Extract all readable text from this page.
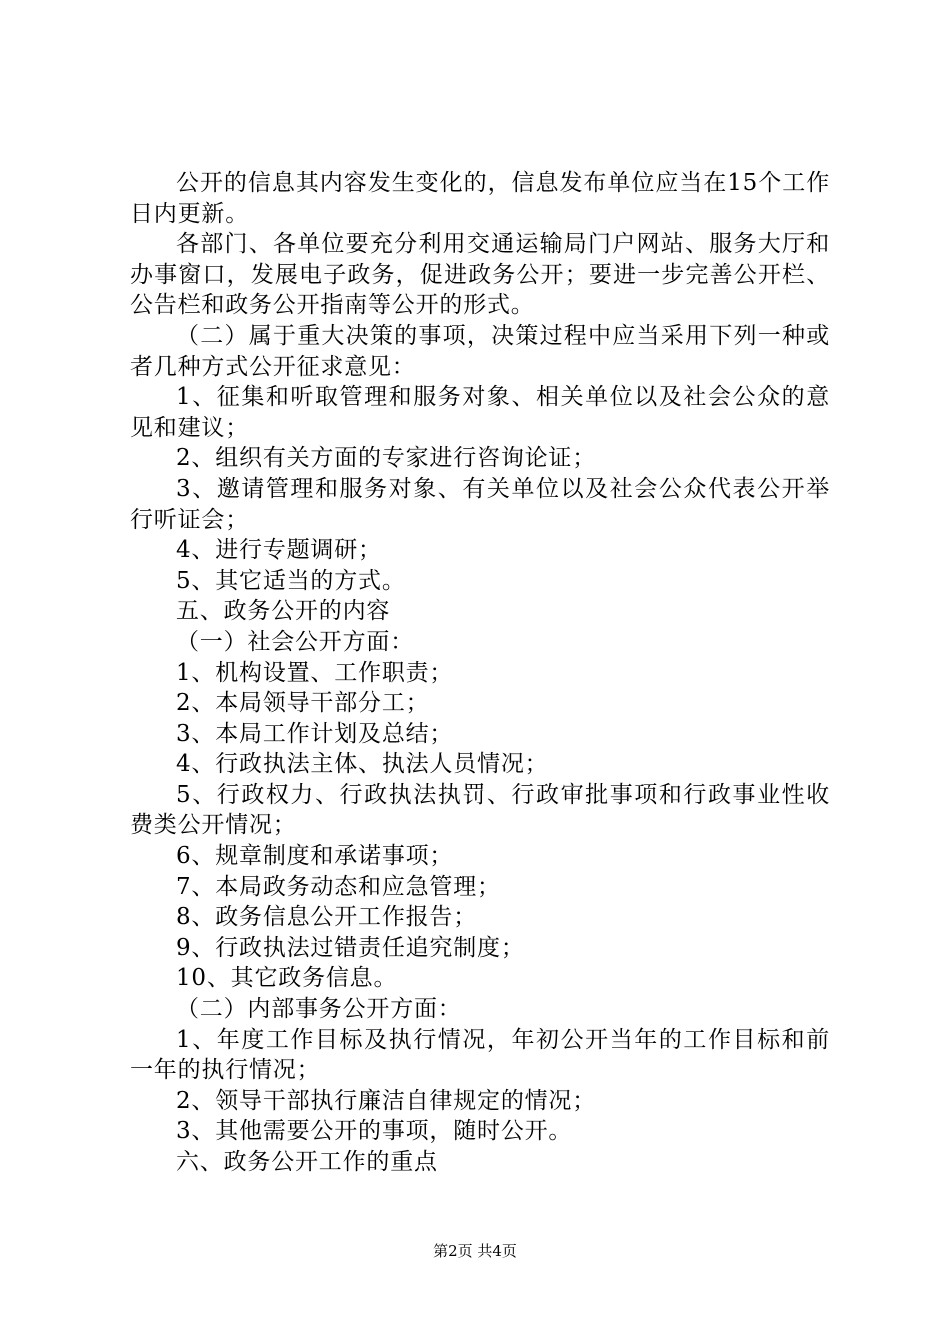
公开的信息其内容发生变化的，信息发布单位应当在15个工作日内更新。

各部门、各单位要充分利用交通运输局门户网站、服务大厅和办事窗口，发展电子政务，促进政务公开；要进一步完善公开栏、公告栏和政务公开指南等公开的形式。

（二）属于重大决策的事项，决策过程中应当采用下列一种或者几种方式公开征求意见：

1、征集和听取管理和服务对象、相关单位以及社会公众的意见和建议；

2、组织有关方面的专家进行咨询论证；

3、邀请管理和服务对象、有关单位以及社会公众代表公开举行听证会；

4、进行专题调研；

5、其它适当的方式。

五、政务公开的内容

（一）社会公开方面：

1、机构设置、工作职责；

2、本局领导干部分工；

3、本局工作计划及总结；

4、行政执法主体、执法人员情况；

5、行政权力、行政执法执罚、行政审批事项和行政事业性收费类公开情况；

6、规章制度和承诺事项；

7、本局政务动态和应急管理；

8、政务信息公开工作报告；

9、行政执法过错责任追究制度；

10、其它政务信息。

（二）内部事务公开方面：

1、年度工作目标及执行情况，年初公开当年的工作目标和前一年的执行情况；

2、领导干部执行廉洁自律规定的情况；

3、其他需要公开的事项，随时公开。

六、政务公开工作的重点

第2页 共4页
